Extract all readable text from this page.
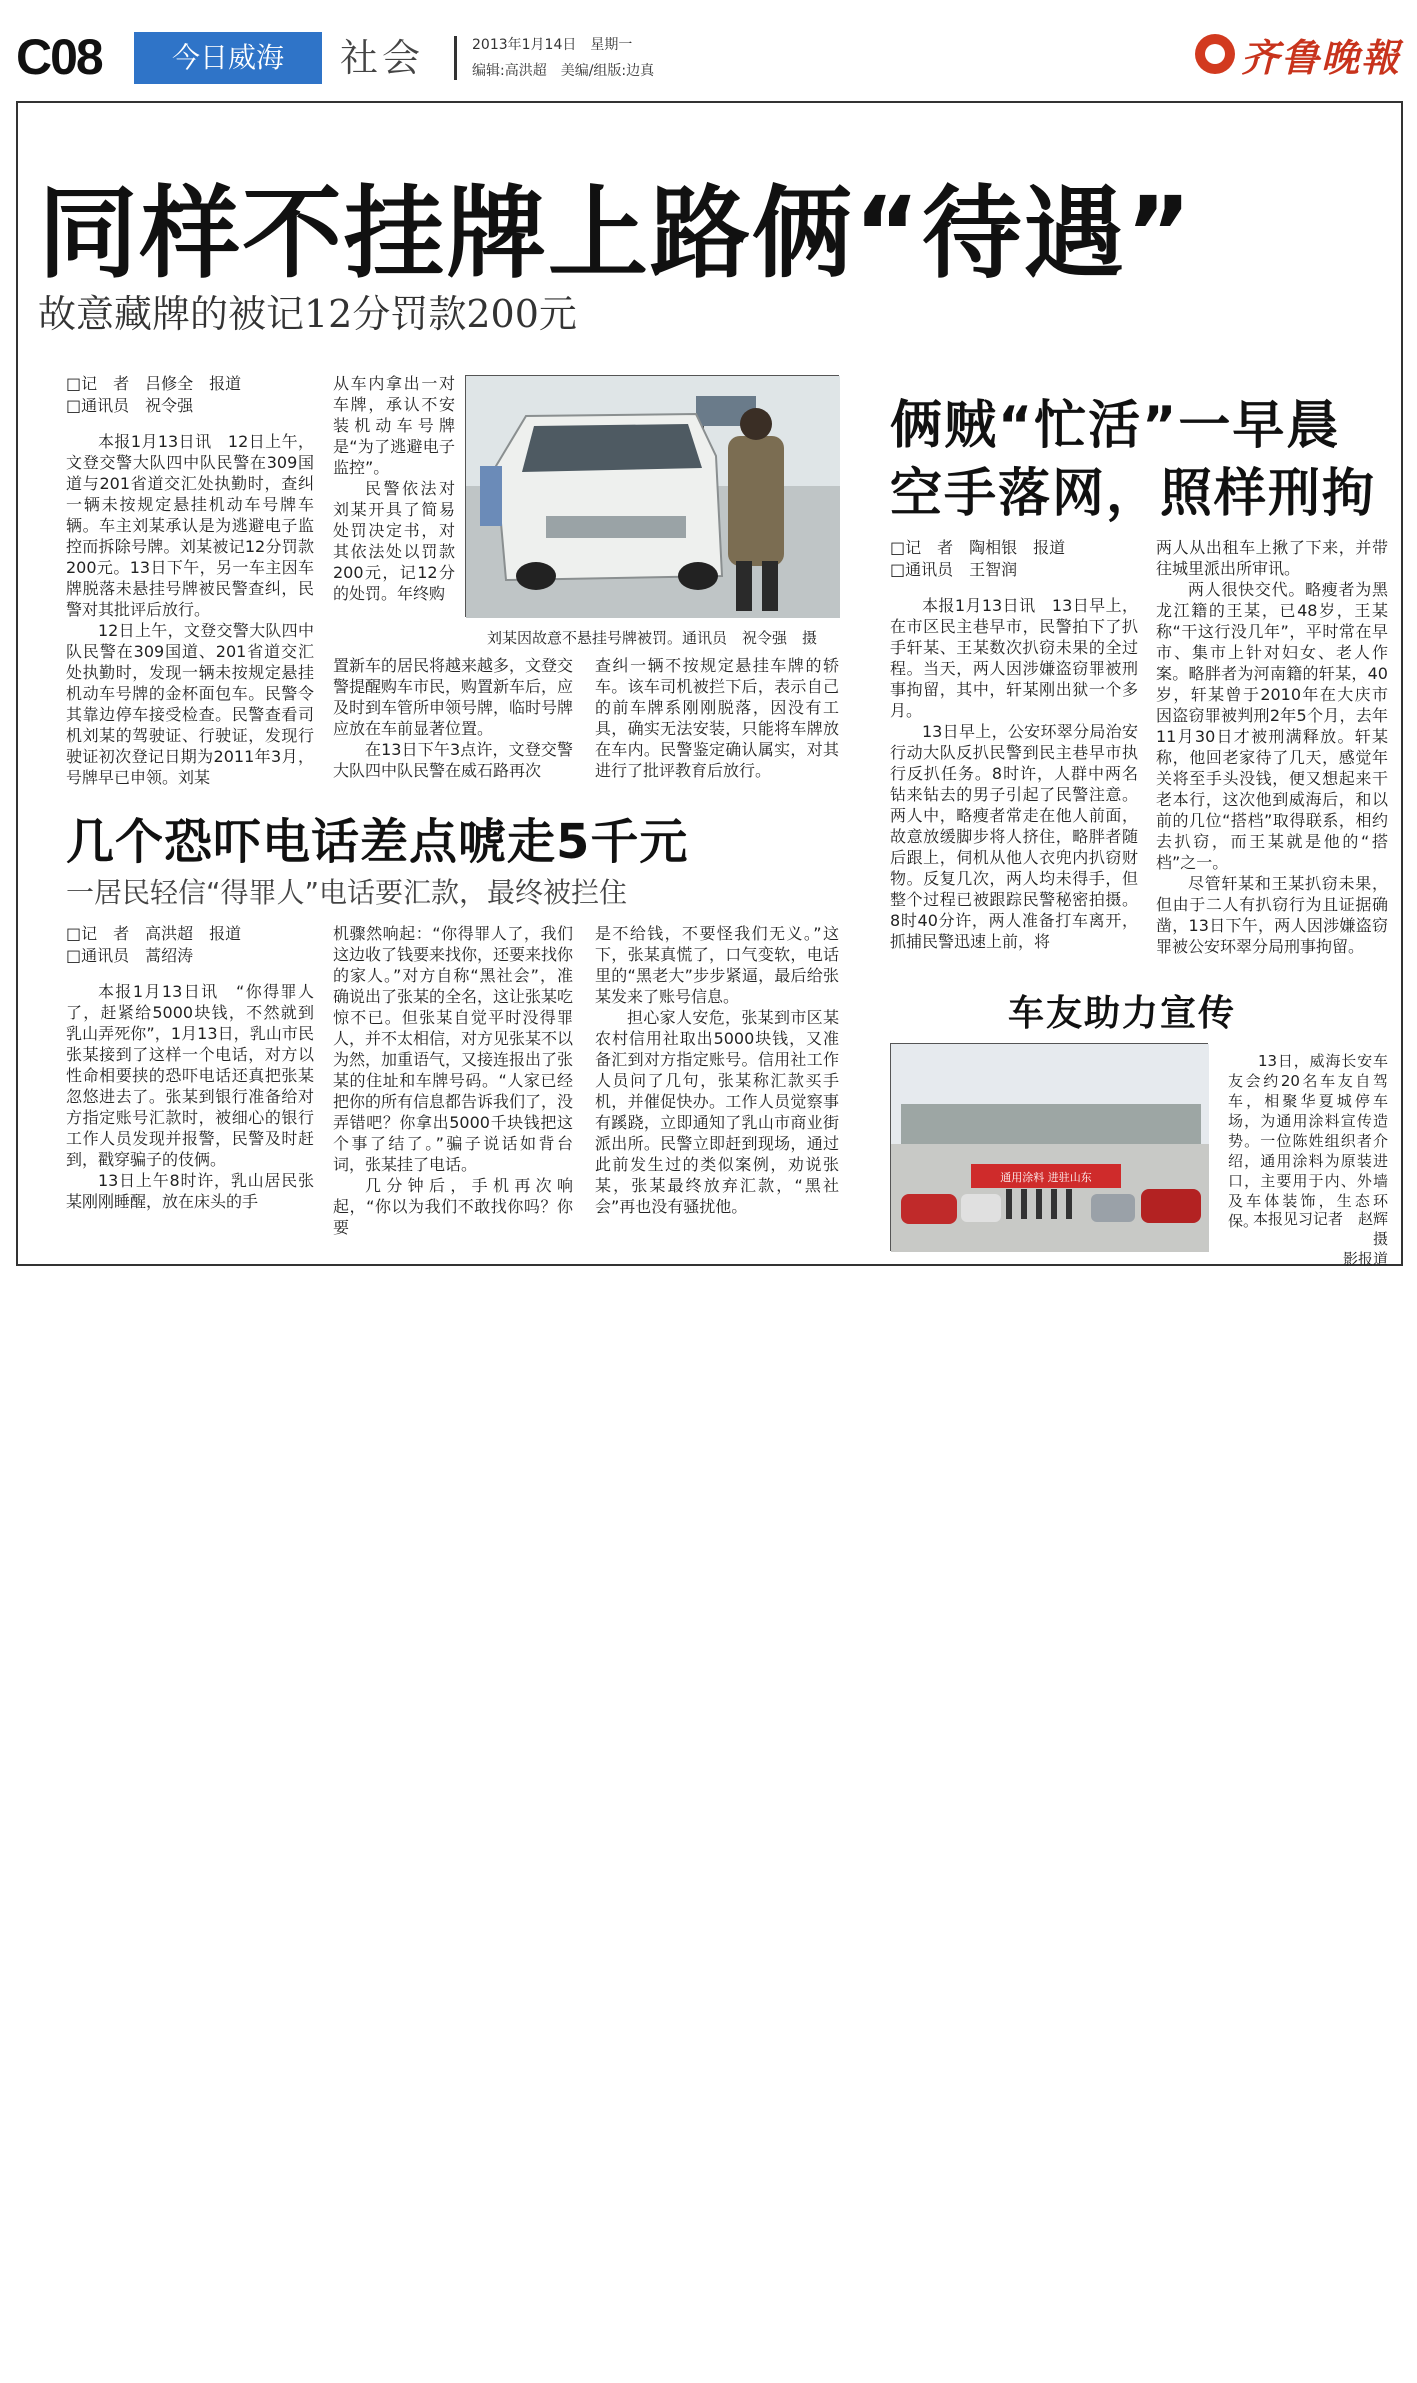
C08	今日威海	社会	2013年1月14日　星期一
编辑:高洪超　美编/组版:边真	齐鲁晚報
同样不挂牌上路俩“待遇”
故意藏牌的被记12分罚款200元
□记　者　吕修全　报道
□通讯员　祝令强

本报1月13日讯　12日上午，文登交警大队四中队民警在309国道与201省道交汇处执勤时，查纠一辆未按规定悬挂机动车号牌车辆。车主刘某承认是为逃避电子监控而拆除号牌。刘某被记12分罚款200元。13日下午，另一车主因车牌脱落未悬挂号牌被民警查纠，民警对其批评后放行。

12日上午，文登交警大队四中队民警在309国道、201省道交汇处执勤时，发现一辆未按规定悬挂机动车号牌的金杯面包车。民警令其靠边停车接受检查。民警查看司机刘某的驾驶证、行驶证，发现行驶证初次登记日期为2011年3月，号牌早已申领。刘某

从车内拿出一对车牌，承认不安装机动车号牌是“为了逃避电子监控”。

民警依法对刘某开具了简易处罚决定书，对其依法处以罚款200元，记12分的处罚。年终购

刘某因故意不悬挂号牌被罚。通讯员　祝令强　摄

置新车的居民将越来越多，文登交警提醒购车市民，购置新车后，应及时到车管所申领号牌，临时号牌应放在车前显著位置。

在13日下午3点许，文登交警大队四中队民警在威石路再次

查纠一辆不按规定悬挂车牌的轿车。该车司机被拦下后，表示自己的前车牌系刚刚脱落，因没有工具，确实无法安装，只能将车牌放在车内。民警鉴定确认属实，对其进行了批评教育后放行。

几个恐吓电话差点唬走5千元
一居民轻信“得罪人”电话要汇款，最终被拦住
□记　者　高洪超　报道
□通讯员　蒿绍涛

本报1月13日讯　“你得罪人了，赶紧给5000块钱，不然就到乳山弄死你”，1月13日，乳山市民张某接到了这样一个电话，对方以性命相要挟的恐吓电话还真把张某忽悠进去了。张某到银行准备给对方指定账号汇款时，被细心的银行工作人员发现并报警，民警及时赶到，戳穿骗子的伎俩。

13日上午8时许，乳山居民张某刚刚睡醒，放在床头的手

机骤然响起：“你得罪人了，我们这边收了钱要来找你，还要来找你的家人。”对方自称“黑社会”，准确说出了张某的全名，这让张某吃惊不已。但张某自觉平时没得罪人，并不太相信，对方见张某不以为然，加重语气，又接连报出了张某的住址和车牌号码。“人家已经把你的所有信息都告诉我们了，没弄错吧？你拿出5000千块钱把这个事了结了。”骗子说话如背台词，张某挂了电话。

几分钟后，手机再次响起，“你以为我们不敢找你吗？你要

是不给钱，不要怪我们无义。”这下，张某真慌了，口气变软，电话里的“黑老大”步步紧逼，最后给张某发来了账号信息。

担心家人安危，张某到市区某农村信用社取出5000块钱，又准备汇到对方指定账号。信用社工作人员问了几句，张某称汇款买手机，并催促快办。工作人员觉察事有蹊跷，立即通知了乳山市商业街派出所。民警立即赶到现场，通过此前发生过的类似案例，劝说张某，张某最终放弃汇款，“黑社会”再也没有骚扰他。

俩贼“忙活”一早晨
空手落网，照样刑拘
□记　者　陶相银　报道
□通讯员　王智润

本报1月13日讯　13日早上，在市区民主巷早市，民警拍下了扒手轩某、王某数次扒窃未果的全过程。当天，两人因涉嫌盗窃罪被刑事拘留，其中，轩某刚出狱一个多月。

13日早上，公安环翠分局治安行动大队反扒民警到民主巷早市执行反扒任务。8时许，人群中两名钻来钻去的男子引起了民警注意。两人中，略瘦者常走在他人前面，故意放缓脚步将人挤住，略胖者随后跟上，伺机从他人衣兜内扒窃财物。反复几次，两人均未得手，但整个过程已被跟踪民警秘密拍摄。8时40分许，两人准备打车离开，抓捕民警迅速上前，将

两人从出租车上揪了下来，并带往城里派出所审讯。

两人很快交代。略瘦者为黑龙江籍的王某，已48岁，王某称“干这行没几年”，平时常在早市、集市上针对妇女、老人作案。略胖者为河南籍的轩某，40岁，轩某曾于2010年在大庆市因盗窃罪被判刑2年5个月，去年11月30日才被刑满释放。轩某称，他回老家待了几天，感觉年关将至手头没钱，便又想起来干老本行，这次他到威海后，和以前的几位“搭档”取得联系，相约去扒窃，而王某就是他的“搭档”之一。

尽管轩某和王某扒窃未果，但由于二人有扒窃行为且证据确凿，13日下午，两人因涉嫌盗窃罪被公安环翠分局刑事拘留。

车友助力宣传
通用涂料 进驻山东

13日，威海长安车友会约20名车友自驾车，相聚华夏城停车场，为通用涂料宣传造势。一位陈姓组织者介绍，通用涂料为原装进口，主要用于内、外墙及车体装饰，生态环保。

本报见习记者　赵辉　摄
影报道
